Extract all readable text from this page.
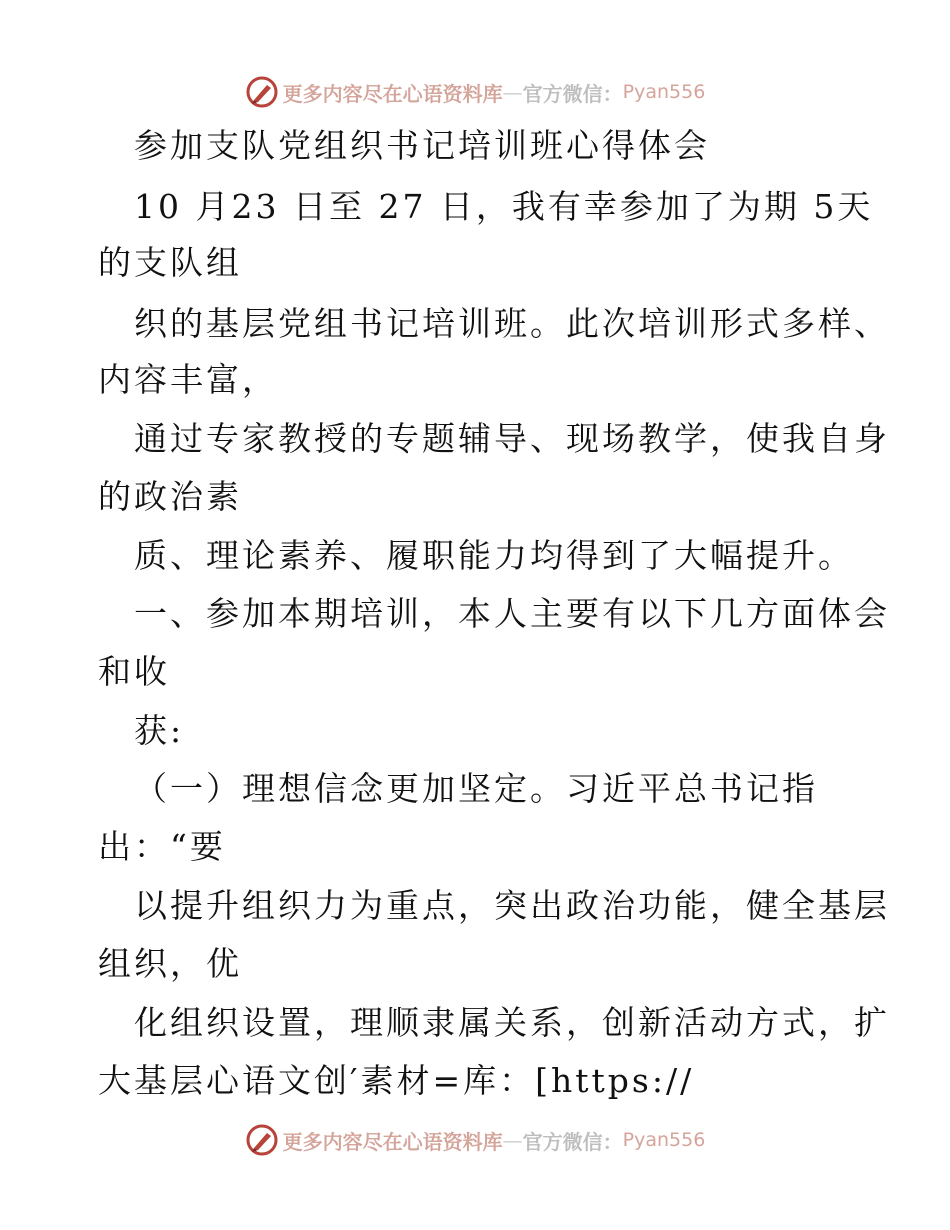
更多内容尽在心语资料库 — 官方微信： Pyan556
参加支队党组织书记培训班心得体会
10 月23 日至 27 日，我有幸参加了为期 5天
的支队组
织的基层党组书记培训班。此次培训形式多样、
内容丰富，
通过专家教授的专题辅导、现场教学，使我自身
的政治素
质、理论素养、履职能力均得到了大幅提升。
一、参加本期培训，本人主要有以下几方面体会
和收
获:
（一）理想信念更加坚定。习近平总书记指
出：“要
以提升组织力为重点，突出政治功能，健全基层
组织，优
化组织设置，理顺隶属关系，创新活动方式，扩
大基层心语文创′素材=库：[https://
更多内容尽在心语资料库 — 官方微信： Pyan556
